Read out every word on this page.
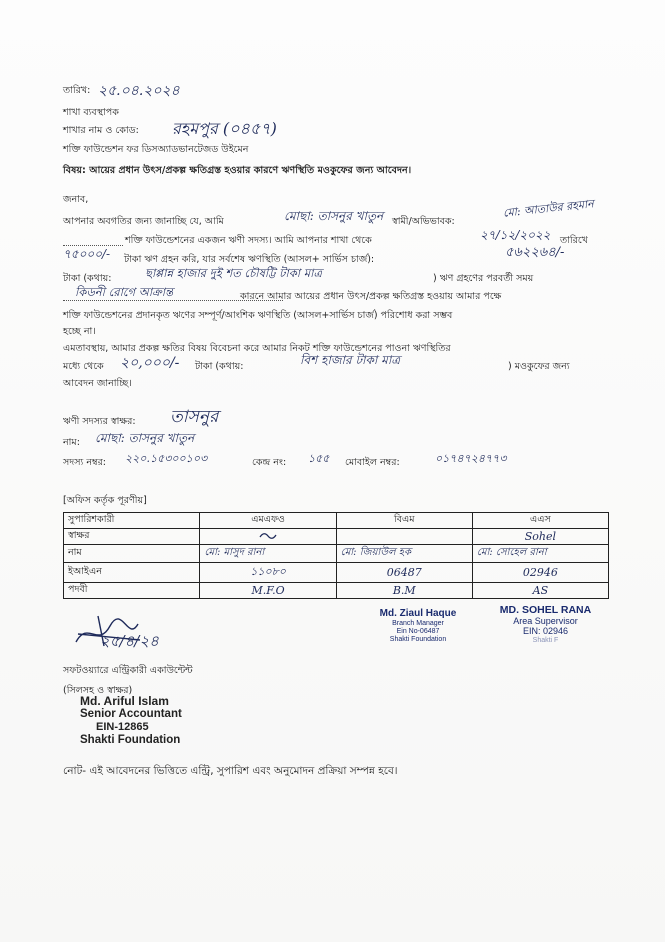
তারিখ: ২৫.০৪.২০২৪
শাখা ব্যবস্থাপক
শাখার নাম ও কোড: রহমপুর (০৪৫৭)
শক্তি ফাউন্ডেশন ফর ডিসঅ্যাডভানটেজড উইমেন
বিষয়: আয়ের প্রধান উৎস/প্রকল্প ক্ষতিগ্রস্ত হওয়ার কারণে ঋণস্থিতি মওকুফের জন্য আবেদন।
জনাব,
আপনার অবগতির জন্য জানাচ্ছি যে, আমি	মোছা: তাসনুর খাতুন স্বামী/অভিভাবক:
মো: আতাউর রহমান
শক্তি ফাউন্ডেশনের একজন ঋণী সদস্য। আমি আপনার শাখা থেকে	২৭/১২/২০২২ তারিখে
৭৫০০০/- টাকা ঋণ গ্রহন করি, যার সর্বশেষ ঋণস্থিতি (আসল+ সার্ভিস চার্জ):	৫৬২২৬৪/-
টাকা (কথায়:	ছাপ্পান্ন হাজার দুই শত চৌষট্টি টাকা মাত্র	) ঋণ গ্রহণের পরবর্তী সময়
কিডনী রোগে আক্রান্ত	কারনে আমার আয়ের প্রধান উৎস/প্রকল্প ক্ষতিগ্রস্ত হওয়ায় আমার পক্ষে
শক্তি ফাউন্ডেশনের প্রদানকৃত ঋণের সম্পূর্ণ/আংশিক ঋণস্থিতি (আসল+সার্ভিস চার্জ) পরিশোধ করা সম্ভব
হচ্ছে না।
এমতাবস্থায়, আমার প্রকল্প ক্ষতির বিষয় বিবেচনা করে আমার নিকট শক্তি ফাউন্ডেশনের পাওনা ঋণস্থিতির
মধ্যে থেকে ২০,০০০/- টাকা (কথায়:	বিশ হাজার টাকা মাত্র	) মওকুফের জন্য
আবেদন জানাচ্ছি।
ঋণী সদস্যর স্বাক্ষর: তাসনুর
নাম: মোছা: তাসনুর খাতুন
সদস্য নম্বর: ২২০.১৫৩০০১০৩	কেন্দ্র নং: ১৫৫ মোবাইল নম্বর:	০১৭৪৭২৪৭৭৩
[অফিস কর্তৃক পূরণীয়]
সুপারিশকারী	এমএফও	বিএম	এএস
স্বাক্ষর			Sohel
নাম	মো: মাসুদ রানা	মো: জিয়াউল হক	মো: সোহেল রানা
ইআইএন	১১০৮০	06487	02946
পদবী	M.F.O	B.M	AS
Md. Ziaul Haque
Branch Manager
Ein No-06487
Shakti Foundation
MD. SOHEL RANA
Area Supervisor
EIN: 02946
Shakti F
২৫/৪/২৪
সফটওয়্যারে এন্ট্রিকারী একাউন্টেন্ট
(সিলসহ ও স্বাক্ষর)
Md. Ariful Islam
Senior Accountant
EIN-12865
Shakti Foundation
নোট- এই আবেদনের ভিত্তিতে এন্ট্রি, সুপারিশ এবং অনুমোদন প্রক্রিয়া সম্পন্ন হবে।
